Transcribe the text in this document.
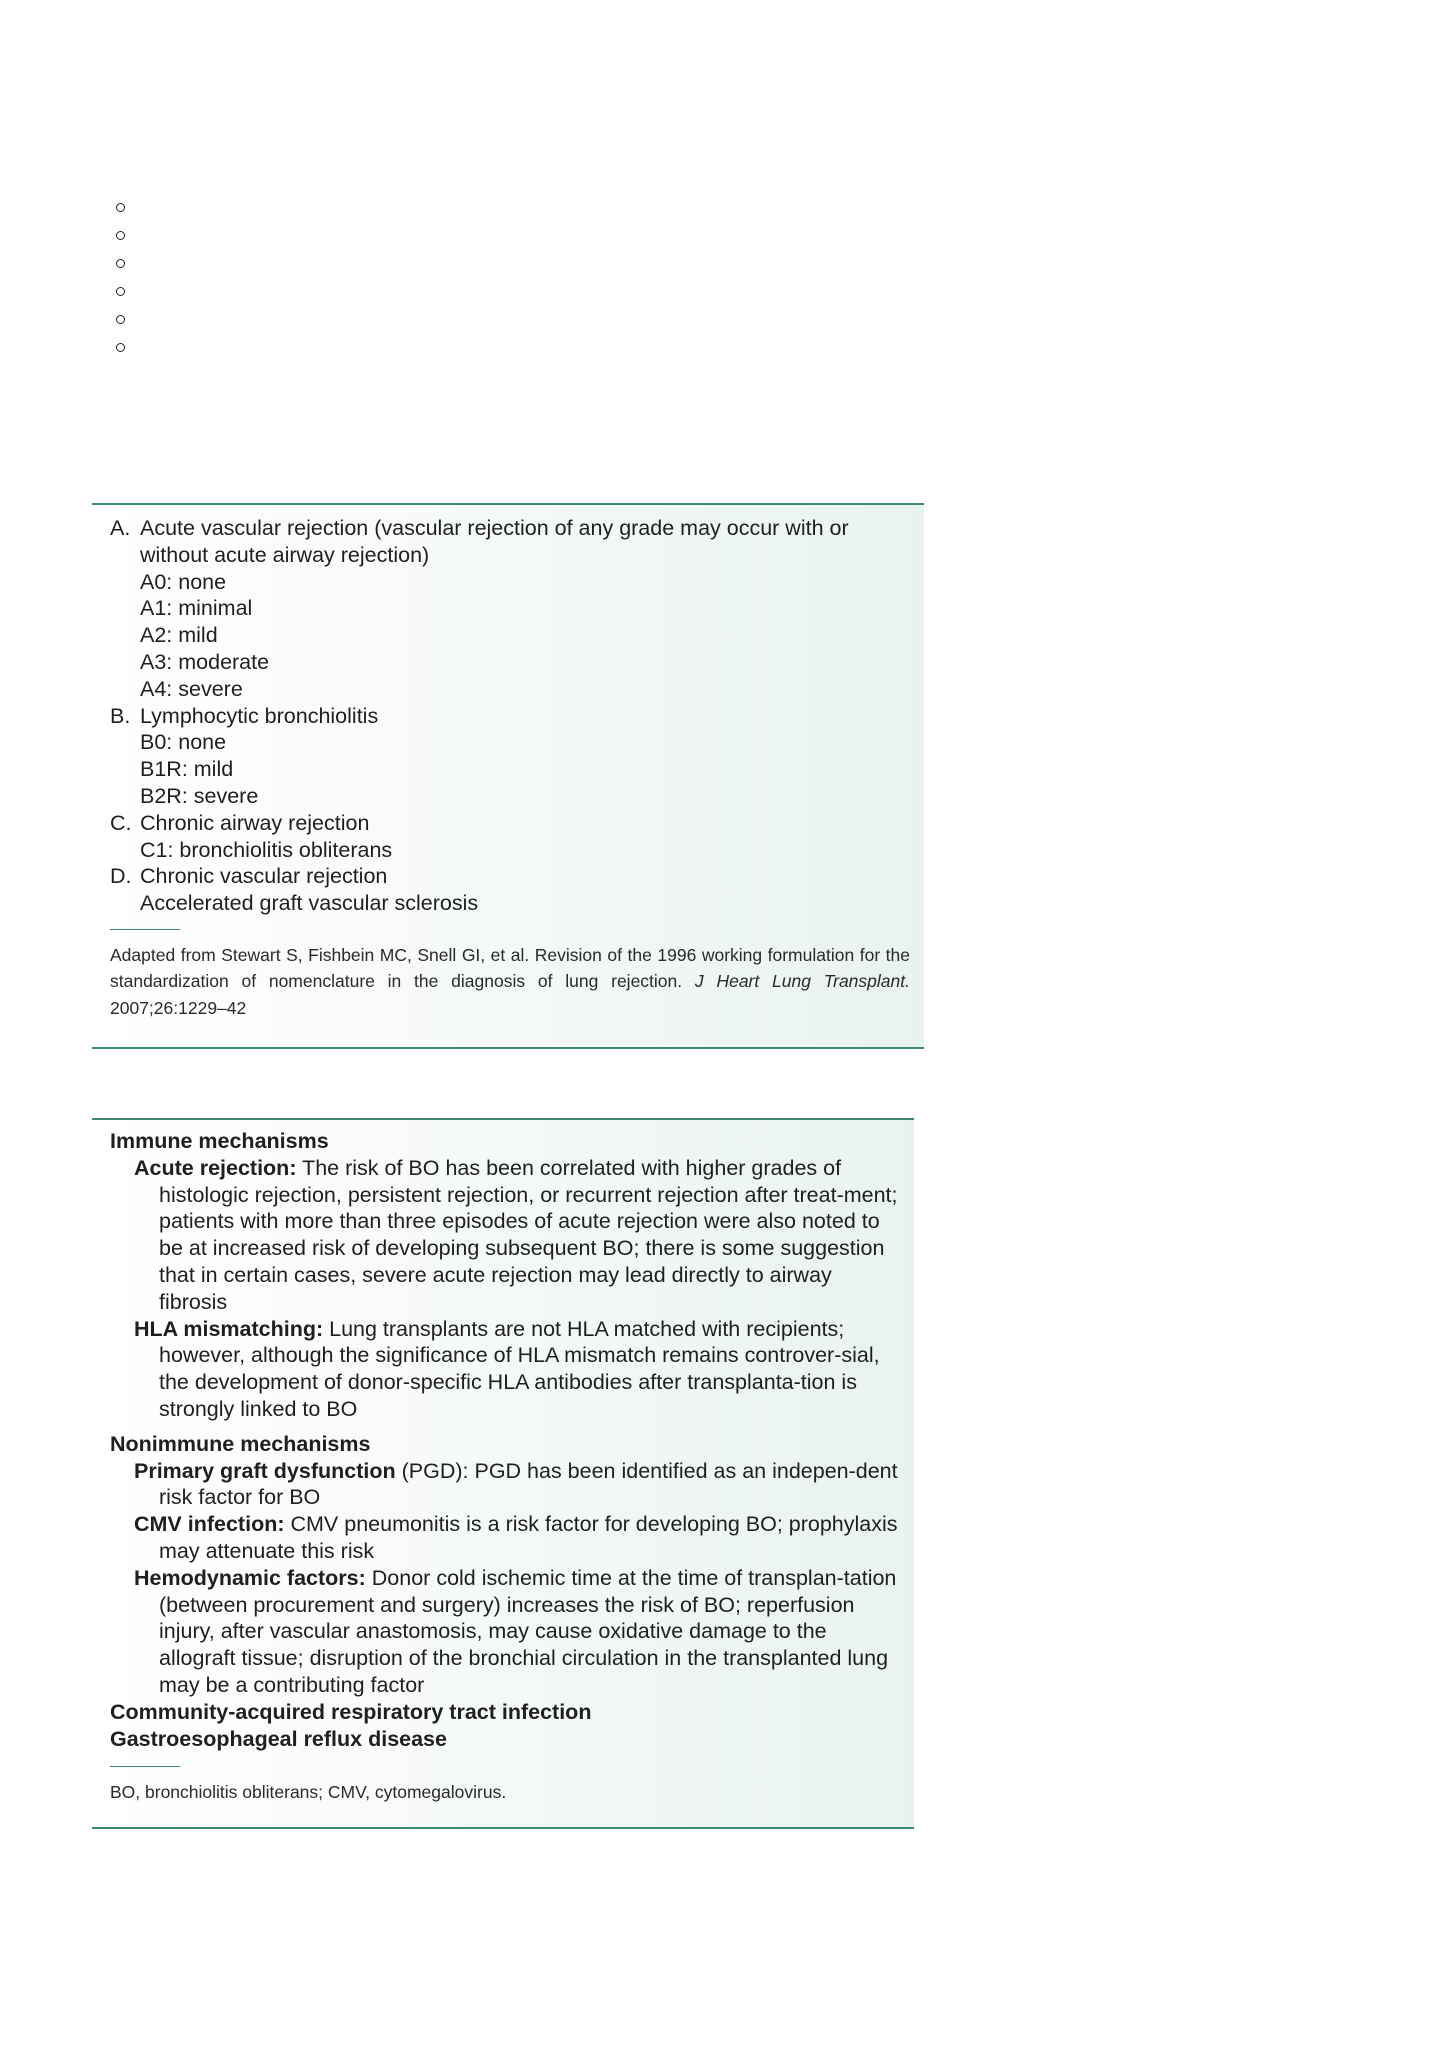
A. Acute vascular rejection (vascular rejection of any grade may occur with or
without acute airway rejection)
A0: none
A1: minimal
A2: mild
A3: moderate
A4: severe
B. Lymphocytic bronchiolitis
B0: none
B1R: mild
B2R: severe
C. Chronic airway rejection
C1: bronchiolitis obliterans
D. Chronic vascular rejection
Accelerated graft vascular sclerosis
Adapted from Stewart S, Fishbein MC, Snell GI, et al. Revision of the 1996 working formulation for the standardization of nomenclature in the diagnosis of lung rejection. J Heart Lung Transplant. 2007;26:1229–42
Immune mechanisms
Acute rejection: The risk of BO has been correlated with higher grades of histologic rejection, persistent rejection, or recurrent rejection after treat-ment; patients with more than three episodes of acute rejection were also noted to be at increased risk of developing subsequent BO; there is some suggestion that in certain cases, severe acute rejection may lead directly to airway fibrosis
HLA mismatching: Lung transplants are not HLA matched with recipients; however, although the significance of HLA mismatch remains controver-sial, the development of donor-specific HLA antibodies after transplanta-tion is strongly linked to BO
Nonimmune mechanisms
Primary graft dysfunction (PGD): PGD has been identified as an indepen-dent risk factor for BO
CMV infection: CMV pneumonitis is a risk factor for developing BO; prophylaxis may attenuate this risk
Hemodynamic factors: Donor cold ischemic time at the time of transplan-tation (between procurement and surgery) increases the risk of BO; reperfusion injury, after vascular anastomosis, may cause oxidative damage to the allograft tissue; disruption of the bronchial circulation in the transplanted lung may be a contributing factor
Community-acquired respiratory tract infection
Gastroesophageal reflux disease
BO, bronchiolitis obliterans; CMV, cytomegalovirus.
